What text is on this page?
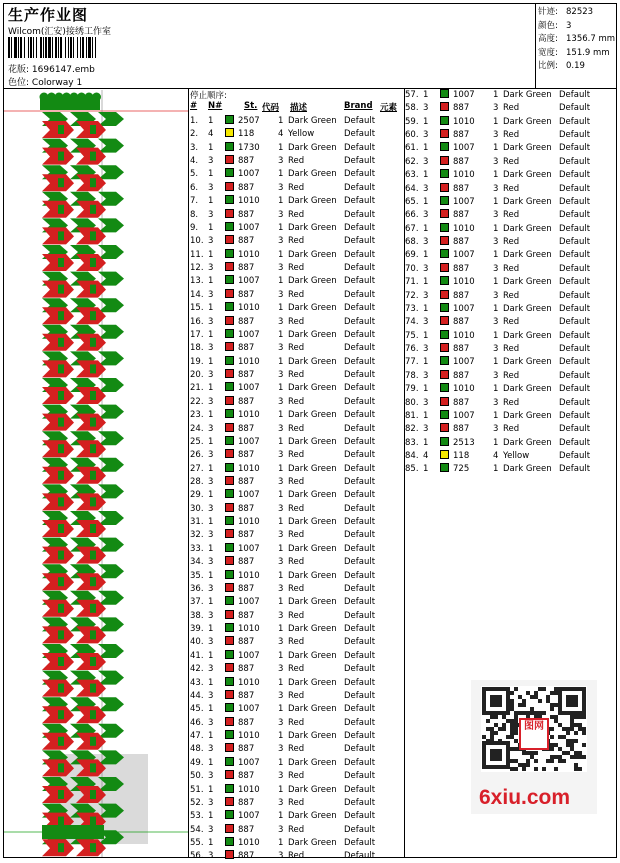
生产作业图
Wilcom(汇安)接绣工作室
花版: 1696147.emb
色位: Colorway 1
针迹: 82523
颜色: 3
高度: 1356.7 mm
宽度: 151.9 mm
比例: 0.19
停止顺序:
# N#	St. 代码 描述	Brand 元素
1. 1	2507 1 Dark Green Default
2. 4	118	4 Yellow	Default
3. 1	1730 1 Dark Green Default
4. 3	887	3 Red	Default
5. 1	1007 1 Dark Green Default
6. 3	887	3 Red	Default
7. 1	1010 1 Dark Green Default
8. 3	887	3 Red	Default
9. 1	1007 1 Dark Green Default
10. 3	887	3 Red	Default
11. 1	1010 1 Dark Green Default
12. 3	887	3 Red	Default
13. 1	1007 1 Dark Green Default
14. 3	887	3 Red	Default
15. 1	1010 1 Dark Green Default
16. 3	887	3 Red	Default
17. 1	1007 1 Dark Green Default
18. 3	887	3 Red	Default
19. 1	1010 1 Dark Green Default
20. 3	887	3 Red	Default
21. 1	1007 1 Dark Green Default
22. 3	887	3 Red	Default
23. 1	1010 1 Dark Green Default
24. 3	887	3 Red	Default
25. 1	1007 1 Dark Green Default
26. 3	887	3 Red	Default
27. 1	1010 1 Dark Green Default
28. 3	887	3 Red	Default
29. 1	1007 1 Dark Green Default
30. 3	887	3 Red	Default
31. 1	1010 1 Dark Green Default
32. 3	887	3 Red	Default
33. 1	1007 1 Dark Green Default
34. 3	887	3 Red	Default
35. 1	1010 1 Dark Green Default
36. 3	887	3 Red	Default
37. 1	1007 1 Dark Green Default
38. 3	887	3 Red	Default
39. 1	1010 1 Dark Green Default
40. 3	887	3 Red	Default
41. 1	1007 1 Dark Green Default
42. 3	887	3 Red	Default
43. 1	1010 1 Dark Green Default
44. 3	887	3 Red	Default
45. 1	1007 1 Dark Green Default
46. 3	887	3 Red	Default
47. 1	1010 1 Dark Green Default
48. 3	887	3 Red	Default
49. 1	1007 1 Dark Green Default
50. 3	887	3 Red	Default
51. 1	1010 1 Dark Green Default
52. 3	887	3 Red	Default
53. 1	1007 1 Dark Green Default
54. 3	887	3 Red	Default
55. 1	1010 1 Dark Green Default
56. 3	887	3 Red	Default
57. 1	1007 1 Dark Green Default
58. 3	887	3 Red	Default
59. 1	1010 1 Dark Green Default
60. 3	887	3 Red	Default
61. 1	1007 1 Dark Green Default
62. 3	887	3 Red	Default
63. 1	1010 1 Dark Green Default
64. 3	887	3 Red	Default
65. 1	1007 1 Dark Green Default
66. 3	887	3 Red	Default
67. 1	1010 1 Dark Green Default
68. 3	887	3 Red	Default
69. 1	1007 1 Dark Green Default
70. 3	887	3 Red	Default
71. 1	1010 1 Dark Green Default
72. 3	887	3 Red	Default
73. 1	1007 1 Dark Green Default
74. 3	887	3 Red	Default
75. 1	1010 1 Dark Green Default
76. 3	887	3 Red	Default
77. 1	1007 1 Dark Green Default
78. 3	887	3 Red	Default
79. 1	1010 1 Dark Green Default
80. 3	887	3 Red	Default
81. 1	1007 1 Dark Green Default
82. 3	887	3 Red	Default
83. 1	2513 1 Dark Green Default
84. 4	118	4 Yellow	Default
85. 1	725	1 Dark Green Default
图网
6xiu.com
